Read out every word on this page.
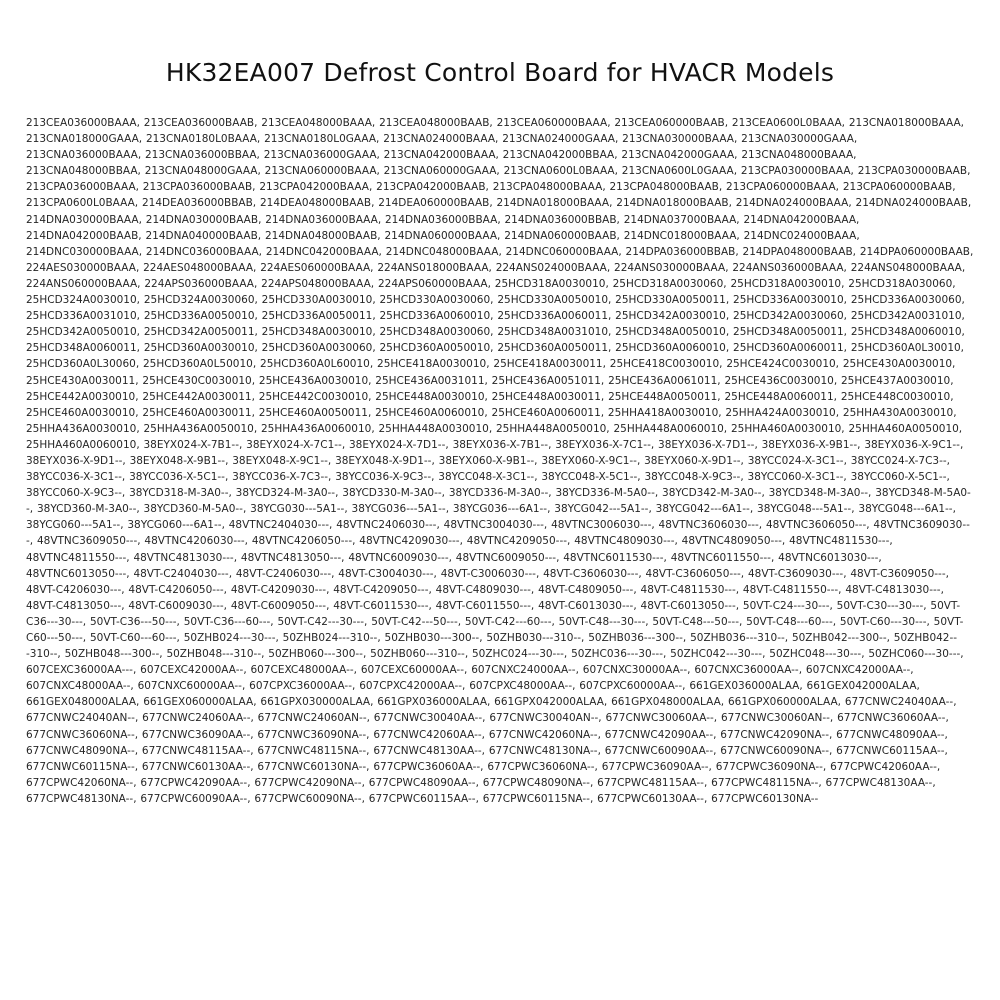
HK32EA007 Defrost Control Board for HVACR Models
213CEA036000BAAA, 213CEA036000BAAB, 213CEA048000BAAA, 213CEA048000BAAB, 213CEA060000BAAA, 213CEA060000BAAB, 213CEA0600L0BAAA, 213CNA018000BAAA, 213CNA018000GAAA, 213CNA0180L0BAAA, 213CNA0180L0GAAA, 213CNA024000BAAA, 213CNA024000GAAA, 213CNA030000BAAA, 213CNA030000GAAA, 213CNA036000BAAA, 213CNA036000BBAA, 213CNA036000GAAA, 213CNA042000BAAA, 213CNA042000BBAA, 213CNA042000GAAA, 213CNA048000BAAA, 213CNA048000BBAA, 213CNA048000GAAA, 213CNA060000BAAA, 213CNA060000GAAA, 213CNA0600L0BAAA, 213CNA0600L0GAAA, 213CPA030000BAAA, 213CPA030000BAAB, 213CPA036000BAAA, 213CPA036000BAAB, 213CPA042000BAAA, 213CPA042000BAAB, 213CPA048000BAAA, 213CPA048000BAAB, 213CPA060000BAAA, 213CPA060000BAAB, 213CPA0600L0BAAA, 214DEA036000BBAB, 214DEA048000BAAB, 214DEA060000BAAB, 214DNA018000BAAA, 214DNA018000BAAB, 214DNA024000BAAA, 214DNA024000BAAB, 214DNA030000BAAA, 214DNA030000BAAB, 214DNA036000BAAA, 214DNA036000BBAA, 214DNA036000BBAB, 214DNA037000BAAA, 214DNA042000BAAA, 214DNA042000BAAB, 214DNA040000BAAB, 214DNA048000BAAB, 214DNA060000BAAA, 214DNA060000BAAB, 214DNC018000BAAA, 214DNC024000BAAA, 214DNC030000BAAA, 214DNC036000BAAA, 214DNC042000BAAA, 214DNC048000BAAA, 214DNC060000BAAA, 214DPA036000BBAB, 214DPA048000BAAB, 214DPA060000BAAB, 224AES030000BAAA, 224AES048000BAAA, 224AES060000BAAA, 224ANS018000BAAA, 224ANS024000BAAA, 224ANS030000BAAA, 224ANS036000BAAA, 224ANS048000BAAA, 224ANS060000BAAA, 224APS036000BAAA, 224APS048000BAAA, 224APS060000BAAA, 25HCD318A0030010, 25HCD318A0030060, 25HCD318A0030010, 25HCD318A030060, 25HCD324A0030010, 25HCD324A0030060, 25HCD330A0030010, 25HCD330A0030060, 25HCD330A0050010, 25HCD330A0050011, 25HCD336A0030010, 25HCD336A0030060, 25HCD336A0031010, 25HCD336A0050010, 25HCD336A0050011, 25HCD336A0060010, 25HCD336A0060011, 25HCD342A0030010, 25HCD342A0030060, 25HCD342A0031010, 25HCD342A0050010, 25HCD342A0050011, 25HCD348A0030010, 25HCD348A0030060, 25HCD348A0031010, 25HCD348A0050010, 25HCD348A0050011, 25HCD348A0060010, 25HCD348A0060011, 25HCD360A0030010, 25HCD360A0030060, 25HCD360A0050010, 25HCD360A0050011, 25HCD360A0060010, 25HCD360A0060011, 25HCD360A0L30010, 25HCD360A0L30060, 25HCD360A0L50010, 25HCD360A0L60010, 25HCE418A0030010, 25HCE418A0030011, 25HCE418C0030010, 25HCE424C0030010, 25HCE430A0030010, 25HCE430A0030011, 25HCE430C0030010, 25HCE436A0030010, 25HCE436A0031011, 25HCE436A0051011, 25HCE436A0061011, 25HCE436C0030010, 25HCE437A0030010, 25HCE442A0030010, 25HCE442A0030011, 25HCE442C0030010, 25HCE448A0030010, 25HCE448A0030011, 25HCE448A0050011, 25HCE448A0060011, 25HCE448C0030010, 25HCE460A0030010, 25HCE460A0030011, 25HCE460A0050011, 25HCE460A0060010, 25HCE460A0060011, 25HHA418A0030010, 25HHA424A0030010, 25HHA430A0030010, 25HHA436A0030010, 25HHA436A0050010, 25HHA436A0060010, 25HHA448A0030010, 25HHA448A0050010, 25HHA448A0060010, 25HHA460A0030010, 25HHA460A0050010, 25HHA460A0060010, 38EYX024-X-7B1--, 38EYX024-X-7C1--, 38EYX024-X-7D1--, 38EYX036-X-7B1--, 38EYX036-X-7C1--, 38EYX036-X-7D1--, 38EYX036-X-9B1--, 38EYX036-X-9C1--, 38EYX036-X-9D1--, 38EYX048-X-9B1--, 38EYX048-X-9C1--, 38EYX048-X-9D1--, 38EYX060-X-9B1--, 38EYX060-X-9C1--, 38EYX060-X-9D1--, 38YCC024-X-3C1--, 38YCC024-X-7C3--, 38YCC036-X-3C1--, 38YCC036-X-5C1--, 38YCC036-X-7C3--, 38YCC036-X-9C3--, 38YCC048-X-3C1--, 38YCC048-X-5C1--, 38YCC048-X-9C3--, 38YCC060-X-3C1--, 38YCC060-X-5C1--, 38YCC060-X-9C3--, 38YCD318-M-3A0--, 38YCD324-M-3A0--, 38YCD330-M-3A0--, 38YCD336-M-3A0--, 38YCD336-M-5A0--, 38YCD342-M-3A0--, 38YCD348-M-3A0--, 38YCD348-M-5A0--, 38YCD360-M-3A0--, 38YCD360-M-5A0--, 38YCG030---5A1--, 38YCG036---5A1--, 38YCG036---6A1--, 38YCG042---5A1--, 38YCG042---6A1--, 38YCG048---5A1--, 38YCG048---6A1--, 38YCG060---5A1--, 38YCG060---6A1--, 48VTNC2404030---, 48VTNC2406030---, 48VTNC3004030---, 48VTNC3006030---, 48VTNC3606030---, 48VTNC3606050---, 48VTNC3609030---, 48VTNC3609050---, 48VTNC4206030---, 48VTNC4206050---, 48VTNC4209030---, 48VTNC4209050---, 48VTNC4809030---, 48VTNC4809050---, 48VTNC4811530---, 48VTNC4811550---, 48VTNC4813030---, 48VTNC4813050---, 48VTNC6009030---, 48VTNC6009050---, 48VTNC6011530---, 48VTNC6011550---, 48VTNC6013030---, 48VTNC6013050---, 48VT-C2404030---, 48VT-C2406030---, 48VT-C3004030---, 48VT-C3006030---, 48VT-C3606030---, 48VT-C3606050---, 48VT-C3609030---, 48VT-C3609050---, 48VT-C4206030---, 48VT-C4206050---, 48VT-C4209030---, 48VT-C4209050---, 48VT-C4809030---, 48VT-C4809050---, 48VT-C4811530---, 48VT-C4811550---, 48VT-C4813030---, 48VT-C4813050---, 48VT-C6009030---, 48VT-C6009050---, 48VT-C6011530---, 48VT-C6011550---, 48VT-C6013030---, 48VT-C6013050---, 50VT-C24---30---, 50VT-C30---30---, 50VT-C36---30---, 50VT-C36---50---, 50VT-C36---60---, 50VT-C42---30---, 50VT-C42---50---, 50VT-C42---60---, 50VT-C48---30---, 50VT-C48---50---, 50VT-C48---60---, 50VT-C60---30---, 50VT-C60---50---, 50VT-C60---60---, 50ZHB024---30---, 50ZHB024---310--, 50ZHB030---300--, 50ZHB030---310--, 50ZHB036---300--, 50ZHB036---310--, 50ZHB042---300--, 50ZHB042---310--, 50ZHB048---300--, 50ZHB048---310--, 50ZHB060---300--, 50ZHB060---310--, 50ZHC024---30---, 50ZHC036---30---, 50ZHC042---30---, 50ZHC048---30---, 50ZHC060---30---, 607CEXC36000AA---, 607CEXC42000AA--, 607CEXC48000AA--, 607CEXC60000AA--, 607CNXC24000AA--, 607CNXC30000AA--, 607CNXC36000AA--, 607CNXC42000AA--, 607CNXC48000AA--, 607CNXC60000AA--, 607CPXC36000AA--, 607CPXC42000AA--, 607CPXC48000AA--, 607CPXC60000AA--, 661GEX036000ALAA, 661GEX042000ALAA, 661GEX048000ALAA, 661GEX060000ALAA, 661GPX030000ALAA, 661GPX036000ALAA, 661GPX042000ALAA, 661GPX048000ALAA, 661GPX060000ALAA, 677CNWC24040AA--, 677CNWC24040AN--, 677CNWC24060AA--, 677CNWC24060AN--, 677CNWC30040AA--, 677CNWC30040AN--, 677CNWC30060AA--, 677CNWC30060AN--, 677CNWC36060AA--, 677CNWC36060NA--, 677CNWC36090AA--, 677CNWC36090NA--, 677CNWC42060AA--, 677CNWC42060NA--, 677CNWC42090AA--, 677CNWC42090NA--, 677CNWC48090AA--, 677CNWC48090NA--, 677CNWC48115AA--, 677CNWC48115NA--, 677CNWC48130AA--, 677CNWC48130NA--, 677CNWC60090AA--, 677CNWC60090NA--, 677CNWC60115AA--, 677CNWC60115NA--, 677CNWC60130AA--, 677CNWC60130NA--, 677CPWC36060AA--, 677CPWC36060NA--, 677CPWC36090AA--, 677CPWC36090NA--, 677CPWC42060AA--, 677CPWC42060NA--, 677CPWC42090AA--, 677CPWC42090NA--, 677CPWC48090AA--, 677CPWC48090NA--, 677CPWC48115AA--, 677CPWC48115NA--, 677CPWC48130AA--, 677CPWC48130NA--, 677CPWC60090AA--, 677CPWC60090NA--, 677CPWC60115AA--, 677CPWC60115NA--, 677CPWC60130AA--, 677CPWC60130NA--
